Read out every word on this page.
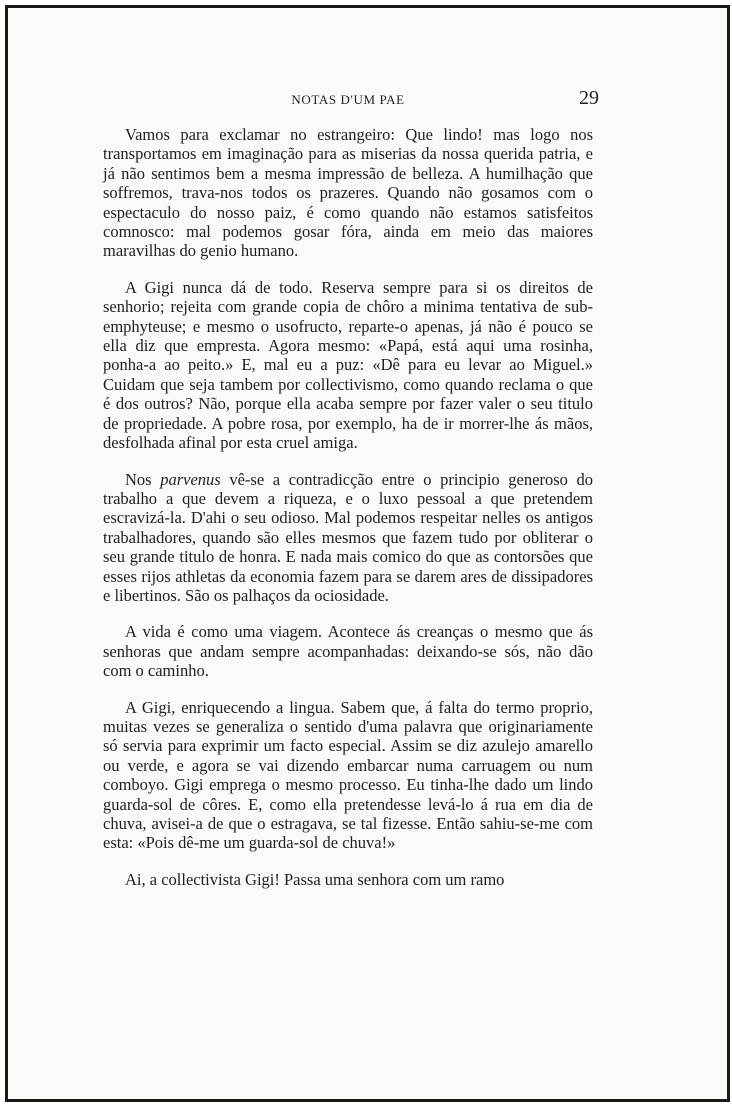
NOTAS D'UM PAE	29

Vamos para exclamar no estrangeiro: Que lindo! mas logo nos transportamos em imaginação para as miserias da nossa querida patria, e já não sentimos bem a mesma impressão de belleza. A humilhação que soffremos, trava-nos todos os prazeres. Quando não gosamos com o espectaculo do nosso paiz, é como quando não estamos satisfeitos comnosco: mal podemos gosar fóra, ainda em meio das maiores maravilhas do genio humano.

A Gigi nunca dá de todo. Reserva sempre para si os direitos de senhorio; rejeita com grande copia de chôro a minima tentativa de sub-emphyteuse; e mesmo o usofructo, reparte-o apenas, já não é pouco se ella diz que empresta. Agora mesmo: «Papá, está aqui uma rosinha, ponha-a ao peito.» E, mal eu a puz: «Dê para eu levar ao Miguel.» Cuidam que seja tambem por collectivismo, como quando reclama o que é dos outros? Não, porque ella acaba sempre por fazer valer o seu titulo de propriedade. A pobre rosa, por exemplo, ha de ir morrer-lhe ás mãos, desfolhada afinal por esta cruel amiga.

Nos parvenus vê-se a contradicção entre o principio generoso do trabalho a que devem a riqueza, e o luxo pessoal a que pretendem escravizá-la. D'ahi o seu odioso. Mal podemos respeitar nelles os antigos trabalhadores, quando são elles mesmos que fazem tudo por obliterar o seu grande titulo de honra. E nada mais comico do que as contorsões que esses rijos athletas da economia fazem para se darem ares de dissipadores e libertinos. São os palhaços da ociosidade.

A vida é como uma viagem. Acontece ás creanças o mesmo que ás senhoras que andam sempre acompanhadas: deixando-se sós, não dão com o caminho.

A Gigi, enriquecendo a lingua. Sabem que, á falta do termo proprio, muitas vezes se generaliza o sentido d'uma palavra que originariamente só servia para exprimir um facto especial. Assim se diz azulejo amarello ou verde, e agora se vai dizendo embarcar numa carruagem ou num comboyo. Gigi emprega o mesmo processo. Eu tinha-lhe dado um lindo guarda-sol de côres. E, como ella pretendesse levá-lo á rua em dia de chuva, avisei-a de que o estragava, se tal fizesse. Então sahiu-se-me com esta: «Pois dê-me um guarda-sol de chuva!»

Ai, a collectivista Gigi! Passa uma senhora com um ramo
